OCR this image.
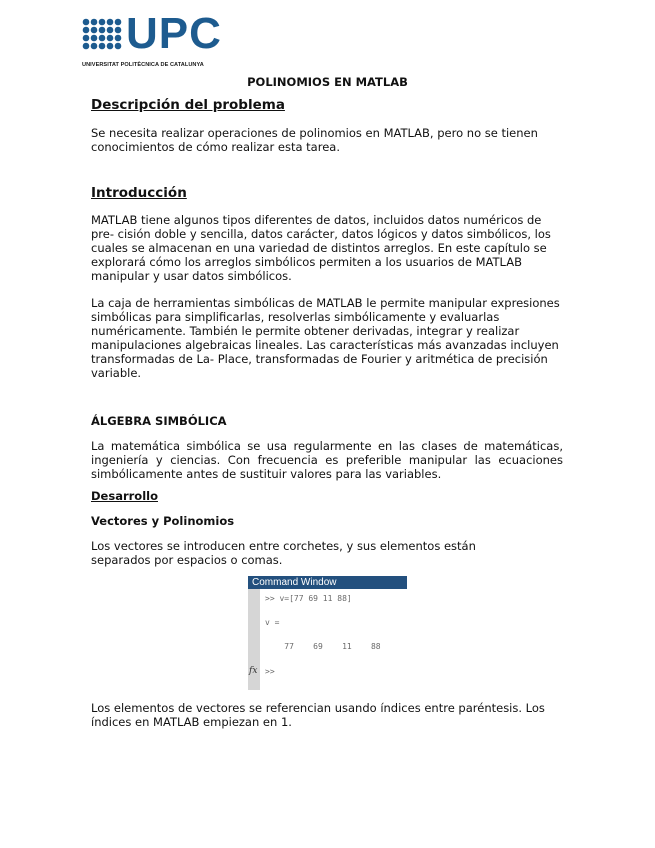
UPC
UNIVERSITAT POLITÈCNICA DE CATALUNYA
POLINOMIOS EN MATLAB
Descripción del problema

Se necesita realizar operaciones de polinomios en MATLAB, pero no se tienen conocimientos de cómo realizar esta tarea.

Introducción

MATLAB tiene algunos tipos diferentes de datos, incluidos datos numéricos de pre- cisión doble y sencilla, datos carácter, datos lógicos y datos simbólicos, los cuales se almacenan en una variedad de distintos arreglos. En este capítulo se explorará cómo los arreglos simbólicos permiten a los usuarios de MATLAB manipular y usar datos simbólicos.

La caja de herramientas simbólicas de MATLAB le permite manipular expresiones simbólicas para simplificarlas, resolverlas simbólicamente y evaluarlas numéricamente. También le permite obtener derivadas, integrar y realizar manipulaciones algebraicas lineales. Las características más avanzadas incluyen transformadas de La- Place, transformadas de Fourier y aritmética de precisión variable.

ÁLGEBRA SIMBÓLICA

La matemática simbólica se usa regularmente en las clases de matemáticas, ingeniería y ciencias. Con frecuencia es preferible manipular las ecuaciones simbólicamente antes de sustituir valores para las variables.

Desarrollo
Vectores y Polinomios

Los vectores se introducen entre corchetes, y sus elementos están separados por espacios o comas.

Command Window
fx
>> v=[77 69 11 88]
v =
77    69    11    88
>>

Los elementos de vectores se referencian usando índices entre paréntesis. Los índices en MATLAB empiezan en 1.
